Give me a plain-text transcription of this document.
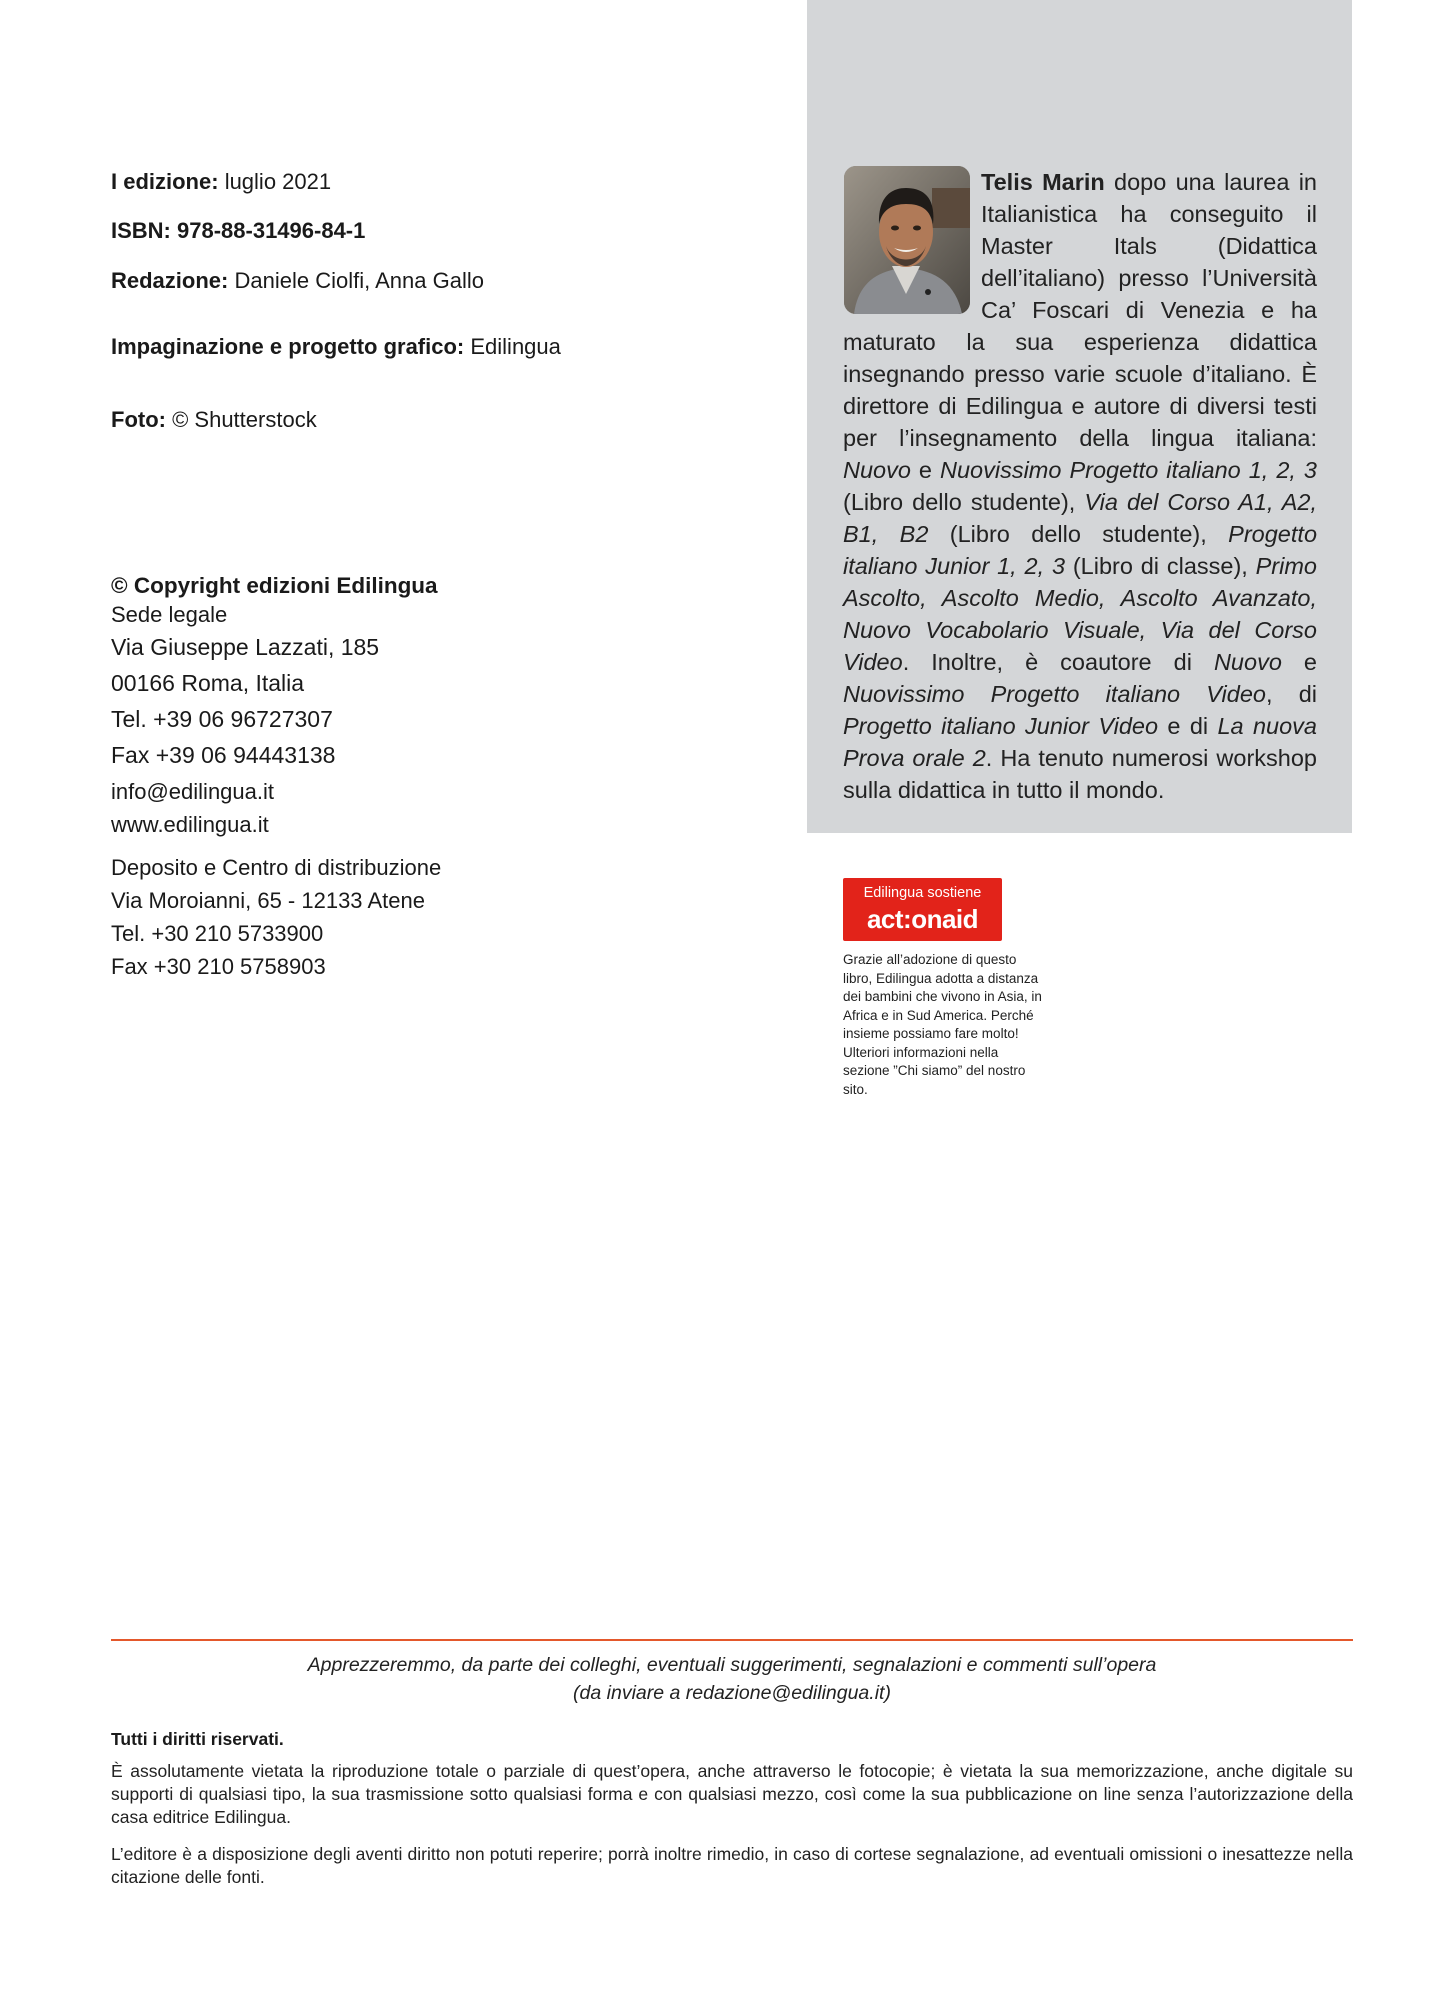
Telis Marin dopo una laurea in Italianistica ha conseguito il Master Itals (Didattica dell’italiano) presso l’Università Ca’ Foscari di Venezia e ha maturato la sua esperienza didattica insegnando presso varie scuole d’italiano. È direttore di Edilingua e autore di diversi testi per l’insegnamento della lingua italiana: Nuovo e Nuovissimo Progetto italiano 1, 2, 3 (Libro dello studente), Via del Corso A1, A2, B1, B2 (Libro dello studente), Progetto italiano Junior 1, 2, 3 (Libro di classe), Primo Ascolto, Ascolto Medio, Ascolto Avanzato, Nuovo Vocabolario Visuale, Via del Corso Video. Inoltre, è coautore di Nuovo e Nuovissimo Progetto italiano Video, di Progetto italiano Junior Video e di La nuova Prova orale 2. Ha tenuto numerosi workshop sulla didattica in tutto il mondo.
I edizione: luglio 2021
ISBN: 978-88-31496-84-1
Redazione: Daniele Ciolfi, Anna Gallo
Impaginazione e progetto grafico: Edilingua
Foto: © Shutterstock
© Copyright edizioni Edilingua
Sede legale
Via Giuseppe Lazzati, 185
00166 Roma, Italia
Tel. +39 06 96727307
Fax +39 06 94443138
info@edilingua.it
www.edilingua.it
Deposito e Centro di distribuzione
Via Moroianni, 65 - 12133 Atene
Tel. +30 210 5733900
Fax +30 210 5758903
Edilingua sostiene
act:onaid
Grazie all’adozione di questo libro, Edilingua adotta a distanza dei bambini che vivono in Asia, in Africa e in Sud America. Perché insieme possiamo fare molto! Ulteriori informazioni nella sezione ”Chi siamo” del nostro sito.
Apprezzeremmo, da parte dei colleghi, eventuali suggerimenti, segnalazioni e commenti sull’opera
(da inviare a redazione@edilingua.it)
Tutti i diritti riservati.
È assolutamente vietata la riproduzione totale o parziale di quest’opera, anche attraverso le fotocopie; è vietata la sua memorizzazione, anche digitale su supporti di qualsiasi tipo, la sua trasmissione sotto qualsiasi forma e con qualsiasi mezzo, così come la sua pubblicazione on line senza l’autorizzazione della casa editrice Edilingua.
L’editore è a disposizione degli aventi diritto non potuti reperire; porrà inoltre rimedio, in caso di cortese segnalazione, ad eventuali omissioni o inesattezze nella citazione delle fonti.
